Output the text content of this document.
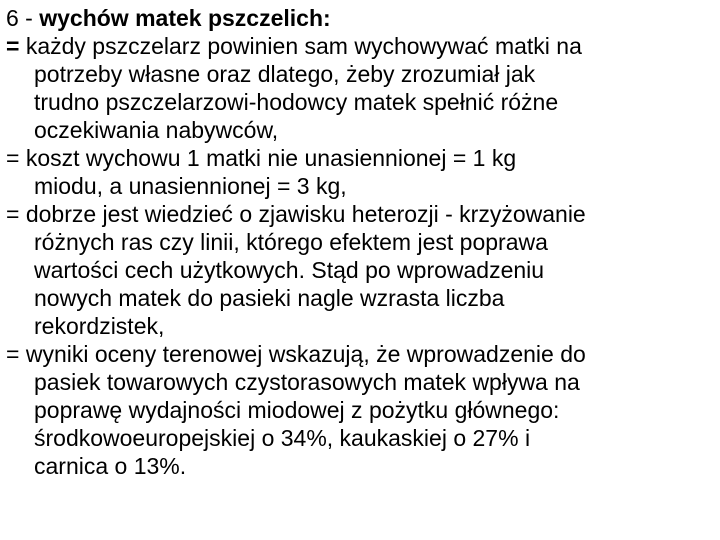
6 - wychów matek pszczelich:
= każdy pszczelarz powinien sam wychowywać matki na
potrzeby własne oraz dlatego, żeby zrozumiał jak
trudno pszczelarzowi-hodowcy matek spełnić różne
oczekiwania nabywców,
= koszt wychowu 1 matki nie unasiennionej = 1 kg
miodu, a unasiennionej = 3 kg,
= dobrze jest wiedzieć o zjawisku heterozji - krzyżowanie
różnych ras czy linii, którego efektem jest poprawa
wartości cech użytkowych. Stąd po wprowadzeniu
nowych matek do pasieki nagle wzrasta liczba
rekordzistek,
= wyniki oceny terenowej wskazują, że wprowadzenie do
pasiek towarowych czystorasowych matek wpływa na
poprawę wydajności miodowej z pożytku głównego:
środkowoeuropejskiej o 34%, kaukaskiej o 27% i
carnica o 13%.
